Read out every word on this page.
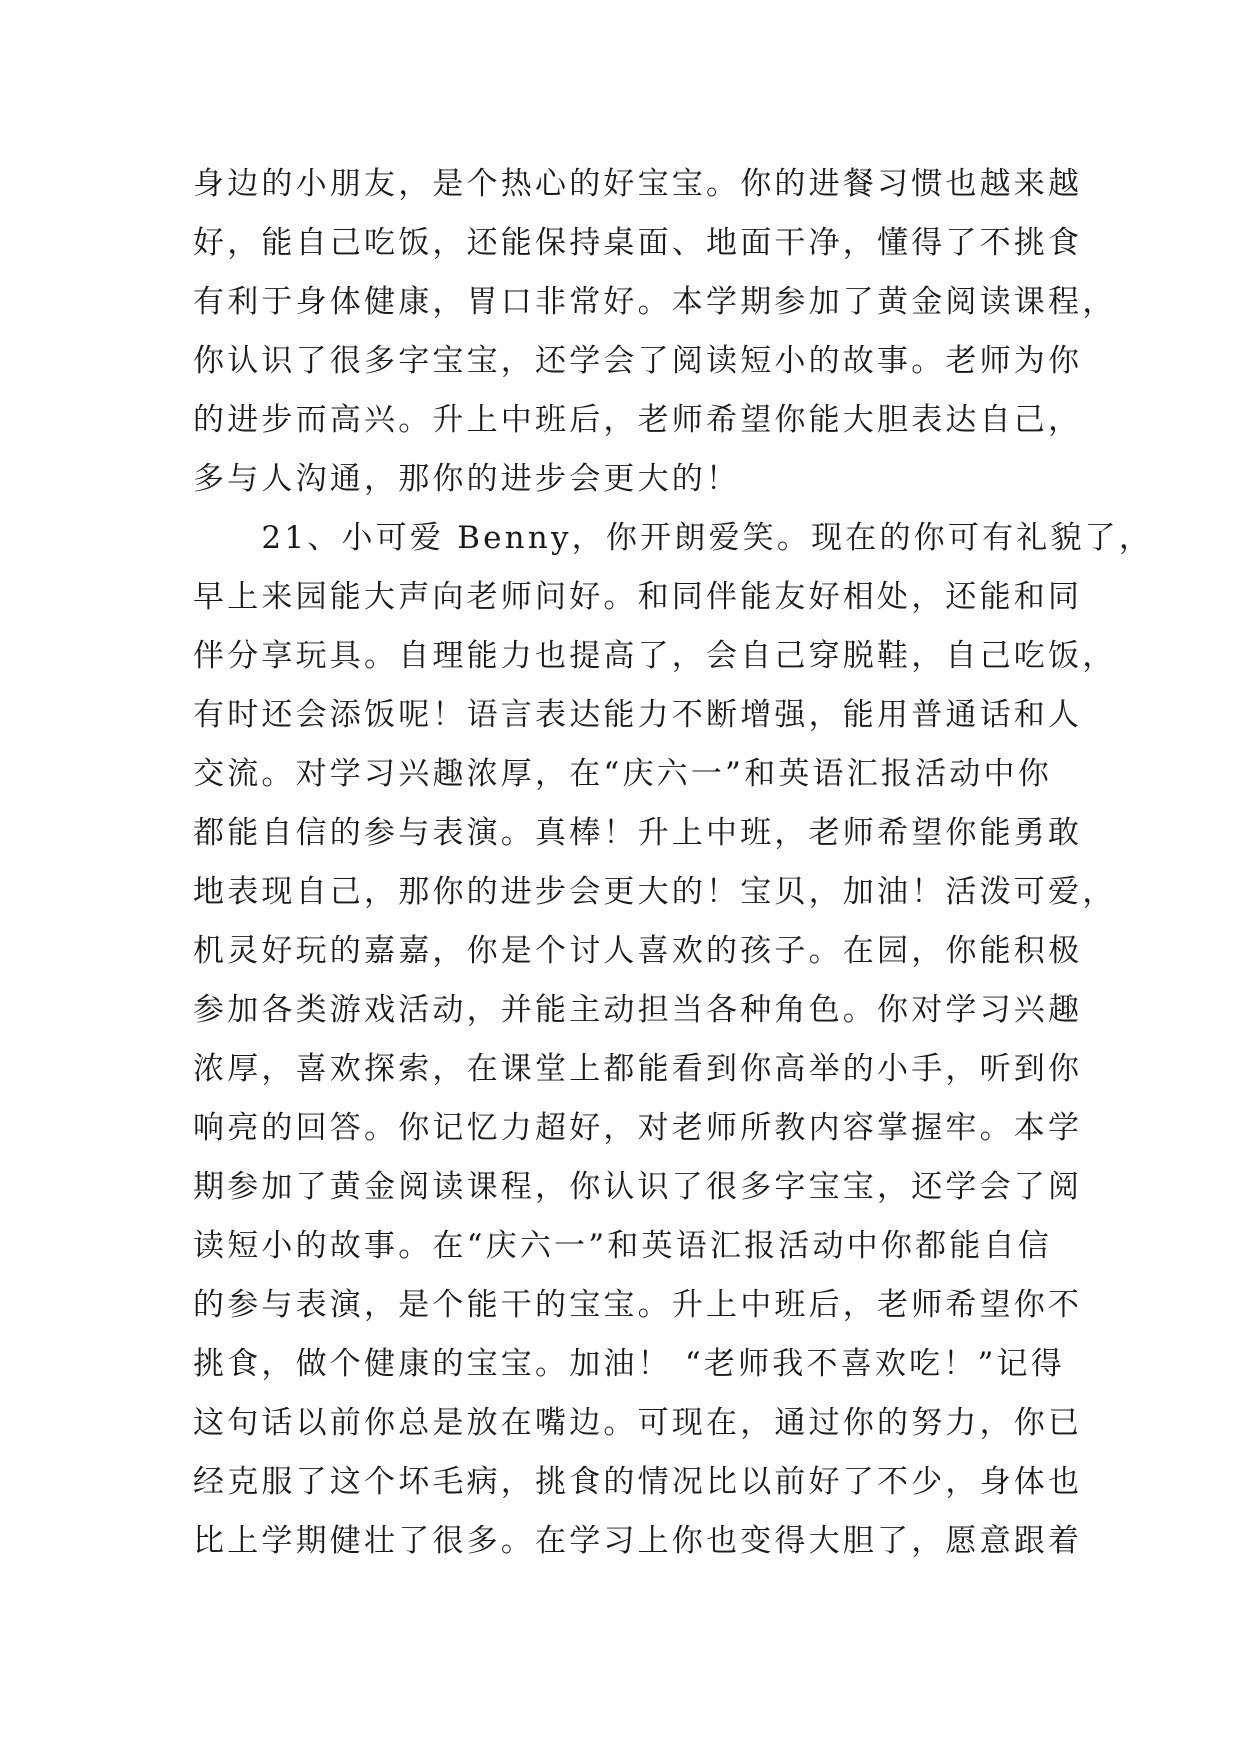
身边的小朋友，是个热心的好宝宝。你的进餐习惯也越来越
好，能自己吃饭，还能保持桌面、地面干净，懂得了不挑食
有利于身体健康，胃口非常好。本学期参加了黄金阅读课程，
你认识了很多字宝宝，还学会了阅读短小的故事。老师为你
的进步而高兴。升上中班后，老师希望你能大胆表达自己，
多与人沟通，那你的进步会更大的！
　　21、小可爱 Benny，你开朗爱笑。现在的你可有礼貌了，
早上来园能大声向老师问好。和同伴能友好相处，还能和同
伴分享玩具。自理能力也提高了，会自己穿脱鞋，自己吃饭，
有时还会添饭呢！语言表达能力不断增强，能用普通话和人
交流。对学习兴趣浓厚，在“庆六一”和英语汇报活动中你
都能自信的参与表演。真棒！升上中班，老师希望你能勇敢
地表现自己，那你的进步会更大的！宝贝，加油！活泼可爱，
机灵好玩的嘉嘉，你是个讨人喜欢的孩子。在园，你能积极
参加各类游戏活动，并能主动担当各种角色。你对学习兴趣
浓厚，喜欢探索，在课堂上都能看到你高举的小手，听到你
响亮的回答。你记忆力超好，对老师所教内容掌握牢。本学
期参加了黄金阅读课程，你认识了很多字宝宝，还学会了阅
读短小的故事。在“庆六一”和英语汇报活动中你都能自信
的参与表演，是个能干的宝宝。升上中班后，老师希望你不
挑食，做个健康的宝宝。加油！ “老师我不喜欢吃！”记得
这句话以前你总是放在嘴边。可现在，通过你的努力，你已
经克服了这个坏毛病，挑食的情况比以前好了不少，身体也
比上学期健壮了很多。在学习上你也变得大胆了，愿意跟着
